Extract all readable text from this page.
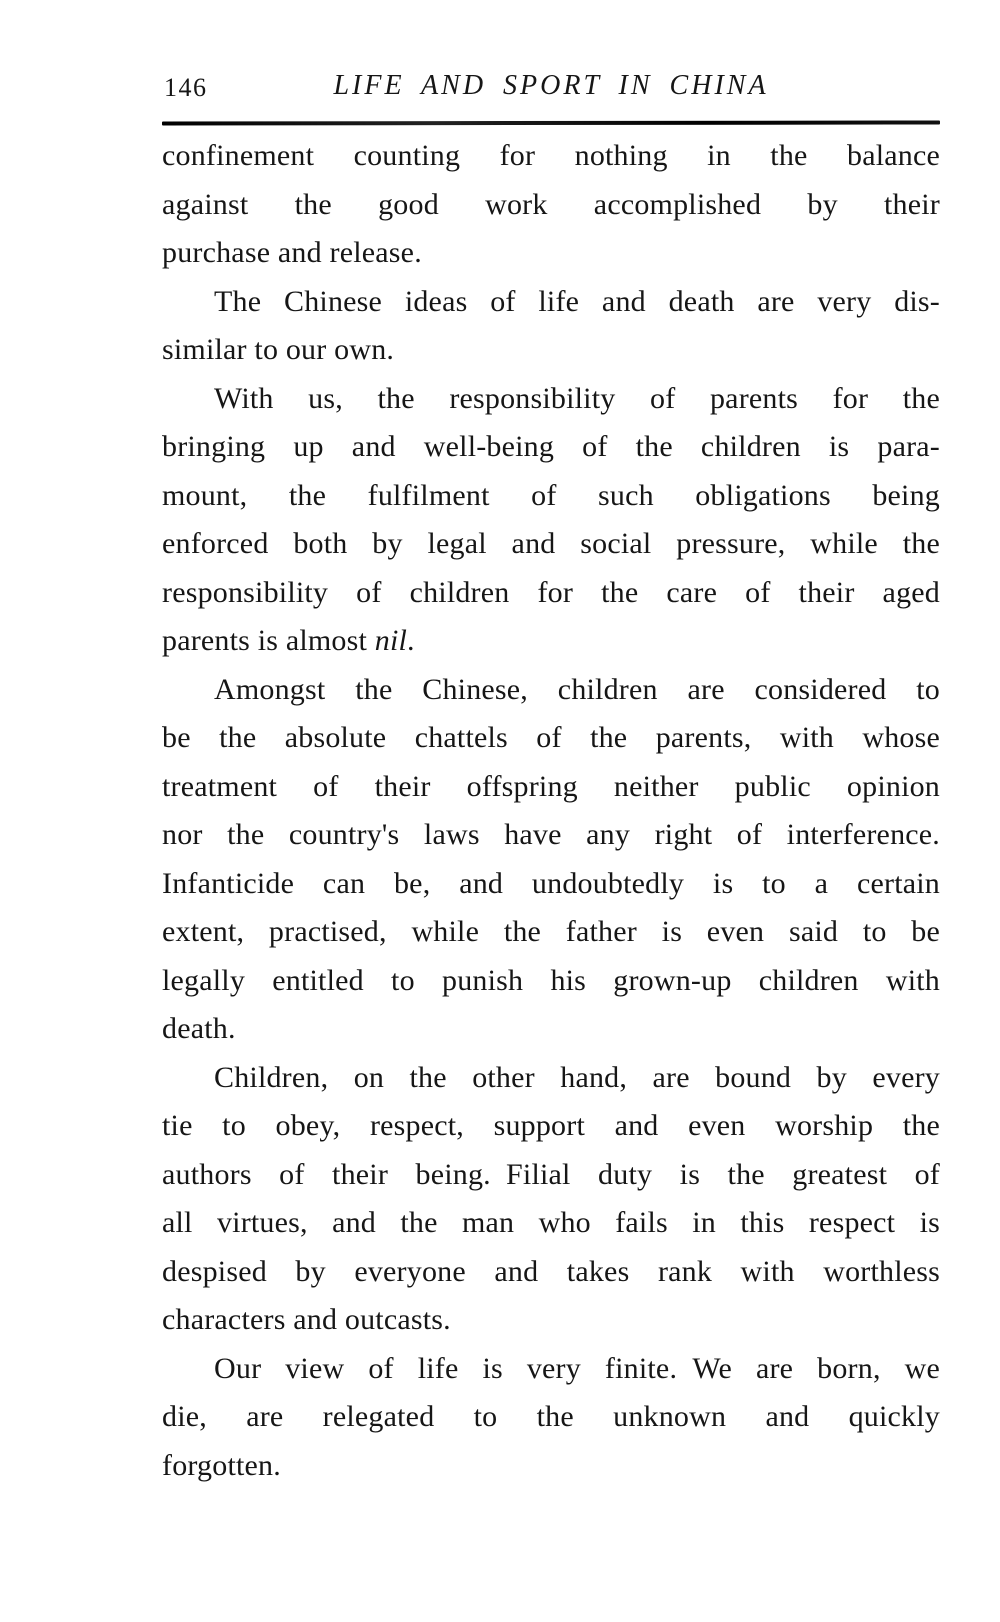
146	LIFE AND SPORT IN CHINA
confinement counting for nothing in the balance
against the good work accomplished by their
purchase and release.
The Chinese ideas of life and death are very dis-
similar to our own.
With us, the responsibility of parents for the
bringing up and well-being of the children is para-
mount, the fulfilment of such obligations being
enforced both by legal and social pressure, while the
responsibility of children for the care of their aged
parents is almost nil.
Amongst the Chinese, children are considered to
be the absolute chattels of the parents, with whose
treatment of their offspring neither public opinion
nor the country's laws have any right of interference.
Infanticide can be, and undoubtedly is to a certain
extent, practised, while the father is even said to be
legally entitled to punish his grown-up children with
death.
Children, on the other hand, are bound by every
tie to obey, respect, support and even worship the
authors of their being. Filial duty is the greatest of
all virtues, and the man who fails in this respect is
despised by everyone and takes rank with worthless
characters and outcasts.
Our view of life is very finite. We are born, we
die, are relegated to the unknown and quickly
forgotten.
